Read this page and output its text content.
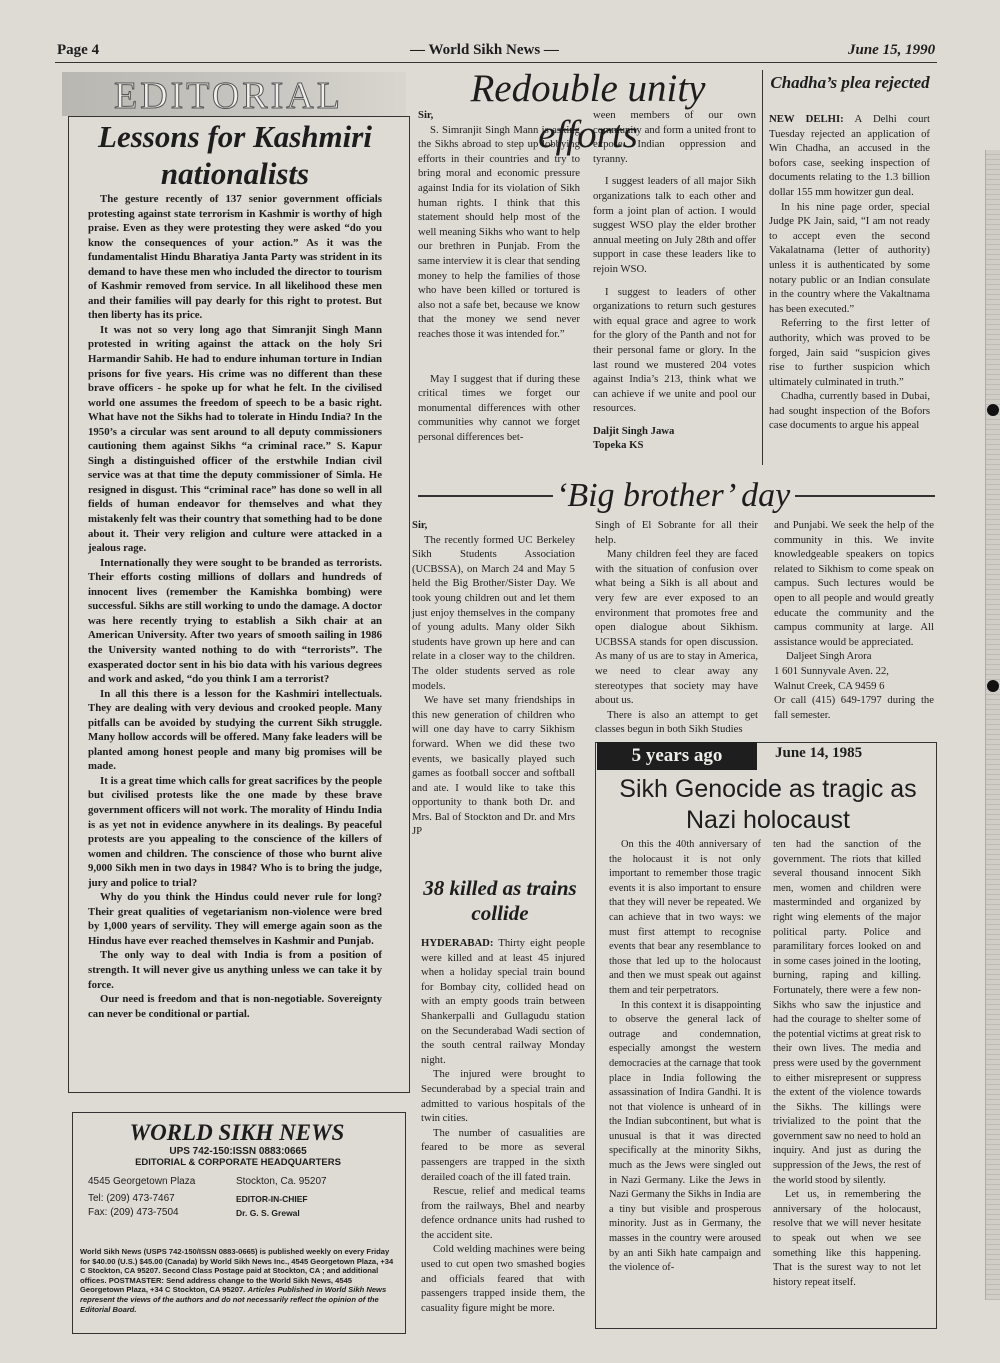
Page 4	— World Sikh News —	June 15, 1990
EDITORIAL
Lessons for Kashmiri nationalists

The gesture recently of 137 senior government officials protesting against state terrorism in Kashmir is worthy of high praise. Even as they were protesting they were asked “do you know the consequences of your action.” As it was the fundamentalist Hindu Bharatiya Janta Party was strident in its demand to have these men who included the director to tourism of Kashmir removed from service. In all likelihood these men and their families will pay dearly for this right to protest. But then liberty has its price.

It was not so very long ago that Simranjit Singh Mann protested in writing against the attack on the holy Sri Harmandir Sahib. He had to endure inhuman torture in Indian prisons for five years. His crime was no different than these brave officers - he spoke up for what he felt. In the civilised world one assumes the freedom of speech to be a basic right. What have not the Sikhs had to tolerate in Hindu India? In the 1950’s a circular was sent around to all deputy commissioners cautioning them against Sikhs “a criminal race.” S. Kapur Singh a distinguished officer of the erstwhile Indian civil service was at that time the deputy commissioner of Simla. He resigned in disgust. This “criminal race” has done so well in all fields of human endeavor for themselves and what they mistakenly felt was their country that something had to be done about it. Their very religion and culture were attacked in a jealous rage.

Internationally they were sought to be branded as terrorists. Their efforts costing millions of dollars and hundreds of innocent lives (remember the Kamishka bombing) were successful. Sikhs are still working to undo the damage. A doctor was here recently trying to establish a Sikh chair at an American University. After two years of smooth sailing in 1986 the University wanted nothing to do with “terrorists”. The exasperated doctor sent in his bio data with his various degrees and work and asked, “do you think I am a terrorist?

In all this there is a lesson for the Kashmiri intellectuals. They are dealing with very devious and crooked people. Many pitfalls can be avoided by studying the current Sikh struggle. Many hollow accords will be offered. Many fake leaders will be planted among honest people and many big promises will be made.

It is a great time which calls for great sacrifices by the people but civilised protests like the one made by these brave government officers will not work. The morality of Hindu India is as yet not in evidence anywhere in its dealings. By peaceful protests are you appealing to the conscience of the killers of women and children. The conscience of those who burnt alive 9,000 Sikh men in two days in 1984? Who is to bring the judge, jury and police to trial?

Why do you think the Hindus could never rule for long? Their great qualities of vegetarianism non-violence were bred by 1,000 years of servility. They will emerge again soon as the Hindus have ever reached themselves in Kashmir and Punjab.

The only way to deal with India is from a position of strength. It will never give us anything unless we can take it by force.

Our need is freedom and that is non-negotiable. Sovereignty can never be conditional or partial.

WORLD SIKH NEWS
UPS 742-150:ISSN 0883:0665
EDITORIAL & CORPORATE HEADQUARTERS
4545 Georgetown Plaza	Stockton, Ca. 95207
Tel: (209) 473-7467
Fax: (209) 473-7504
EDITOR-IN-CHIEF
Dr. G. S. Grewal
World Sikh News (USPS 742-150/ISSN 0883-0665) is published weekly on every Friday for $40.00 (U.S.) $45.00 (Canada) by World Sikh News Inc., 4545 Georgetown Plaza, +34 C Stockton, CA 95207. Second Class Postage paid at Stockton, CA ; and additional offices. POSTMASTER: Send address change to the World Sikh News, 4545 Georgetown Plaza, +34 C Stockton, CA 95207. Articles Published in World Sikh News represent the views of the authors and do not necessarily reflect the opinion of the Editorial Board.
Redouble unity efforts

Sir,

S. Simranjit Singh Mann is asking the Sikhs abroad to step up lobbying efforts in their countries and try to bring moral and economic pressure against India for its violation of Sikh human rights. I think that this statement should help most of the well meaning Sikhs who want to help our brethren in Punjab. From the same interview it is clear that sending money to help the families of those who have been killed or tortured is also not a safe bet, because we know that the money we send never reaches those it was intended for.”

May I suggest that if during these critical times we forget our monumental differences with other communities why cannot we forget personal differences bet-

ween members of our own community and form a united front to expose Indian oppression and tyranny.

I suggest leaders of all major Sikh organizations talk to each other and form a joint plan of action. I would suggest WSO play the elder brother annual meeting on July 28th and offer support in case these leaders like to rejoin WSO.

I suggest to leaders of other organizations to return such gestures with equal grace and agree to work for the glory of the Panth and not for their personal fame or glory. In the last round we mustered 204 votes against India’s 213, think what we can achieve if we unite and pool our resources.

Daljit Singh Jawa

Topeka KS

Chadha’s plea rejected

NEW DELHI: A Delhi court Tuesday rejected an application of Win Chadha, an accused in the bofors case, seeking inspection of documents relating to the 1.3 billion dollar 155 mm howitzer gun deal.

In his nine page order, special Judge PK Jain, said, “I am not ready to accept even the second Vakalatnama (letter of authority) unless it is authenticated by some notary public or an Indian consulate in the country where the Vakaltnama has been executed.”

Referring to the first letter of authority, which was proved to be forged, Jain said “suspicion gives rise to further suspicion which ultimately culminated in truth.”

Chadha, currently based in Dubai, had sought inspection of the Bofors case documents to argue his appeal

‘Big brother’ day

Sir,

The recently formed UC Berkeley Sikh Students Association (UCBSSA), on March 24 and May 5 held the Big Brother/Sister Day. We took young children out and let them just enjoy themselves in the company of young adults. Many older Sikh students have grown up here and can relate in a closer way to the children. The older students served as role models.

We have set many friendships in this new generation of children who will one day have to carry Sikhism forward. When we did these two events, we basically played such games as football soccer and softball and ate. I would like to take this opportunity to thank both Dr. and Mrs. Bal of Stockton and Dr. and Mrs JP

Singh of El Sobrante for all their help.

Many children feel they are faced with the situation of confusion over what being a Sikh is all about and very few are ever exposed to an environment that promotes free and open dialogue about Sikhism. UCBSSA stands for open discussion. As many of us are to stay in America, we need to clear away any stereotypes that society may have about us.

There is also an attempt to get classes begun in both Sikh Studies

and Punjabi. We seek the help of the community in this. We invite knowledgeable speakers on topics related to Sikhism to come speak on campus. Such lectures would be open to all people and would greatly educate the community and the campus community at large. All assistance would be appreciated.

Daljeet Singh Arora

1 601 Sunnyvale Aven. 22,

Walnut Creek, CA 9459 6

Or call (415) 649-1797 during the fall semester.

38 killed as trains collide

HYDERABAD: Thirty eight people were killed and at least 45 injured when a holiday special train bound for Bombay city, collided head on with an empty goods train between Shankerpalli and Gullagudu station on the Secunderabad Wadi section of the south central railway Monday night.

The injured were brought to Secunderabad by a special train and admitted to various hospitals of the twin cities.

The number of casualities are feared to be more as several passengers are trapped in the sixth derailed coach of the ill fated train.

Rescue, relief and medical teams from the railways, Bhel and nearby defence ordnance units had rushed to the accident site.

Cold welding machines were being used to cut open two smashed bogies and officials feared that with passengers trapped inside them, the casuality figure might be more.

5 years ago	June 14, 1985
Sikh Genocide as tragic as Nazi holocaust

On this the 40th anniversary of the holocaust it is not only important to remember those tragic events it is also important to ensure that they will never be repeated. We can achieve that in two ways: we must first attempt to recognise events that bear any resemblance to those that led up to the holocaust and then we must speak out against them and teir perpetrators.

In this context it is disappointing to observe the general lack of outrage and condemnation, especially amongst the western democracies at the carnage that took place in India following the assassination of Indira Gandhi. It is not that violence is unheard of in the Indian subcontinent, but what is unusual is that it was directed specifically at the minority Sikhs, much as the Jews were singled out in Nazi Germany. Like the Jews in Nazi Germany the Sikhs in India are a tiny but visible and prosperous minority. Just as in Germany, the masses in the country were aroused by an anti Sikh hate campaign and the violence of-

ten had the sanction of the government. The riots that killed several thousand innocent Sikh men, women and children were masterminded and organized by right wing elements of the major political party. Police and paramilitary forces looked on and in some cases joined in the looting, burning, raping and killing. Fortunately, there were a few non-Sikhs who saw the injustice and had the courage to shelter some of the potential victims at great risk to their own lives. The media and press were used by the government to either misrepresent or suppress the extent of the violence towards the Sikhs. The killings were trivialized to the point that the government saw no need to hold an inquiry. And just as during the suppression of the Jews, the rest of the world stood by silently.

Let us, in remembering the anniversary of the holocaust, resolve that we will never hesitate to speak out when we see something like this happening. That is the surest way to not let history repeat itself.
